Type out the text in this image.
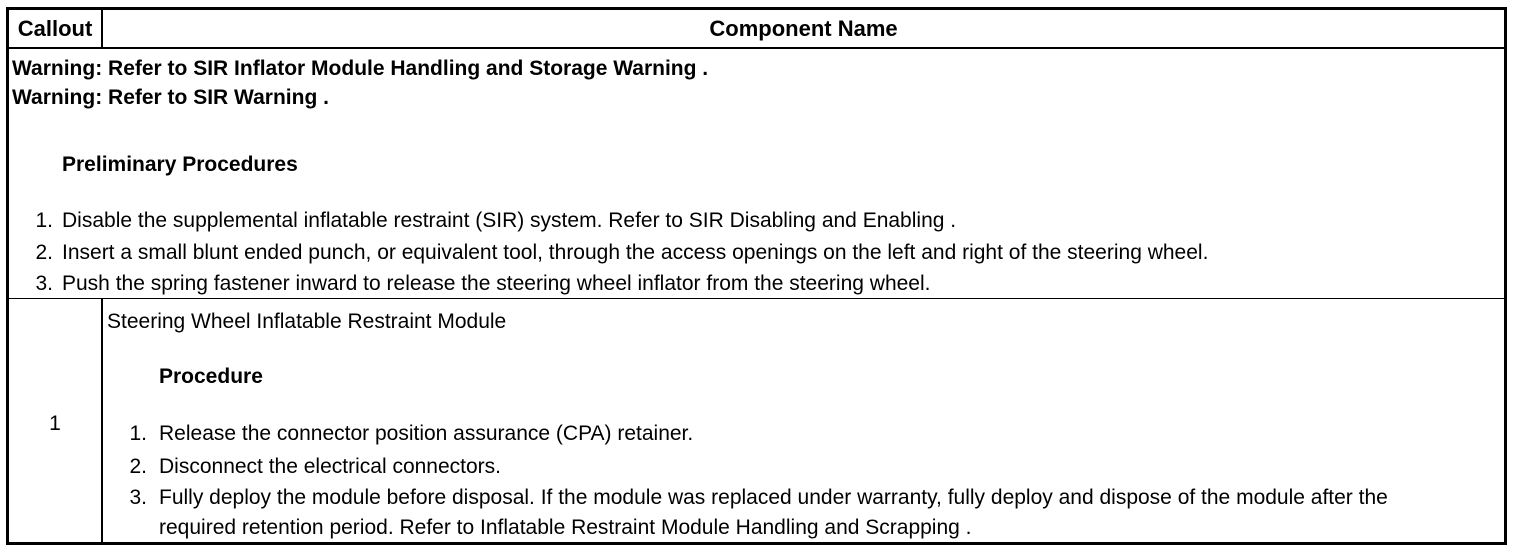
Callout	Component Name
Warning: Refer to SIR Inflator Module Handling and Storage Warning .
Warning: Refer to SIR Warning .
Preliminary Procedures
1. Disable the supplemental inflatable restraint (SIR) system. Refer to SIR Disabling and Enabling .
2. Insert a small blunt ended punch, or equivalent tool, through the access openings on the left and right of the steering wheel.
3. Push the spring fastener inward to release the steering wheel inflator from the steering wheel.
1
Steering Wheel Inflatable Restraint Module
Procedure
1. Release the connector position assurance (CPA) retainer.
2. Disconnect the electrical connectors.
3. Fully deploy the module before disposal. If the module was replaced under warranty, fully deploy and dispose of the module after the required retention period. Refer to Inflatable Restraint Module Handling and Scrapping .
